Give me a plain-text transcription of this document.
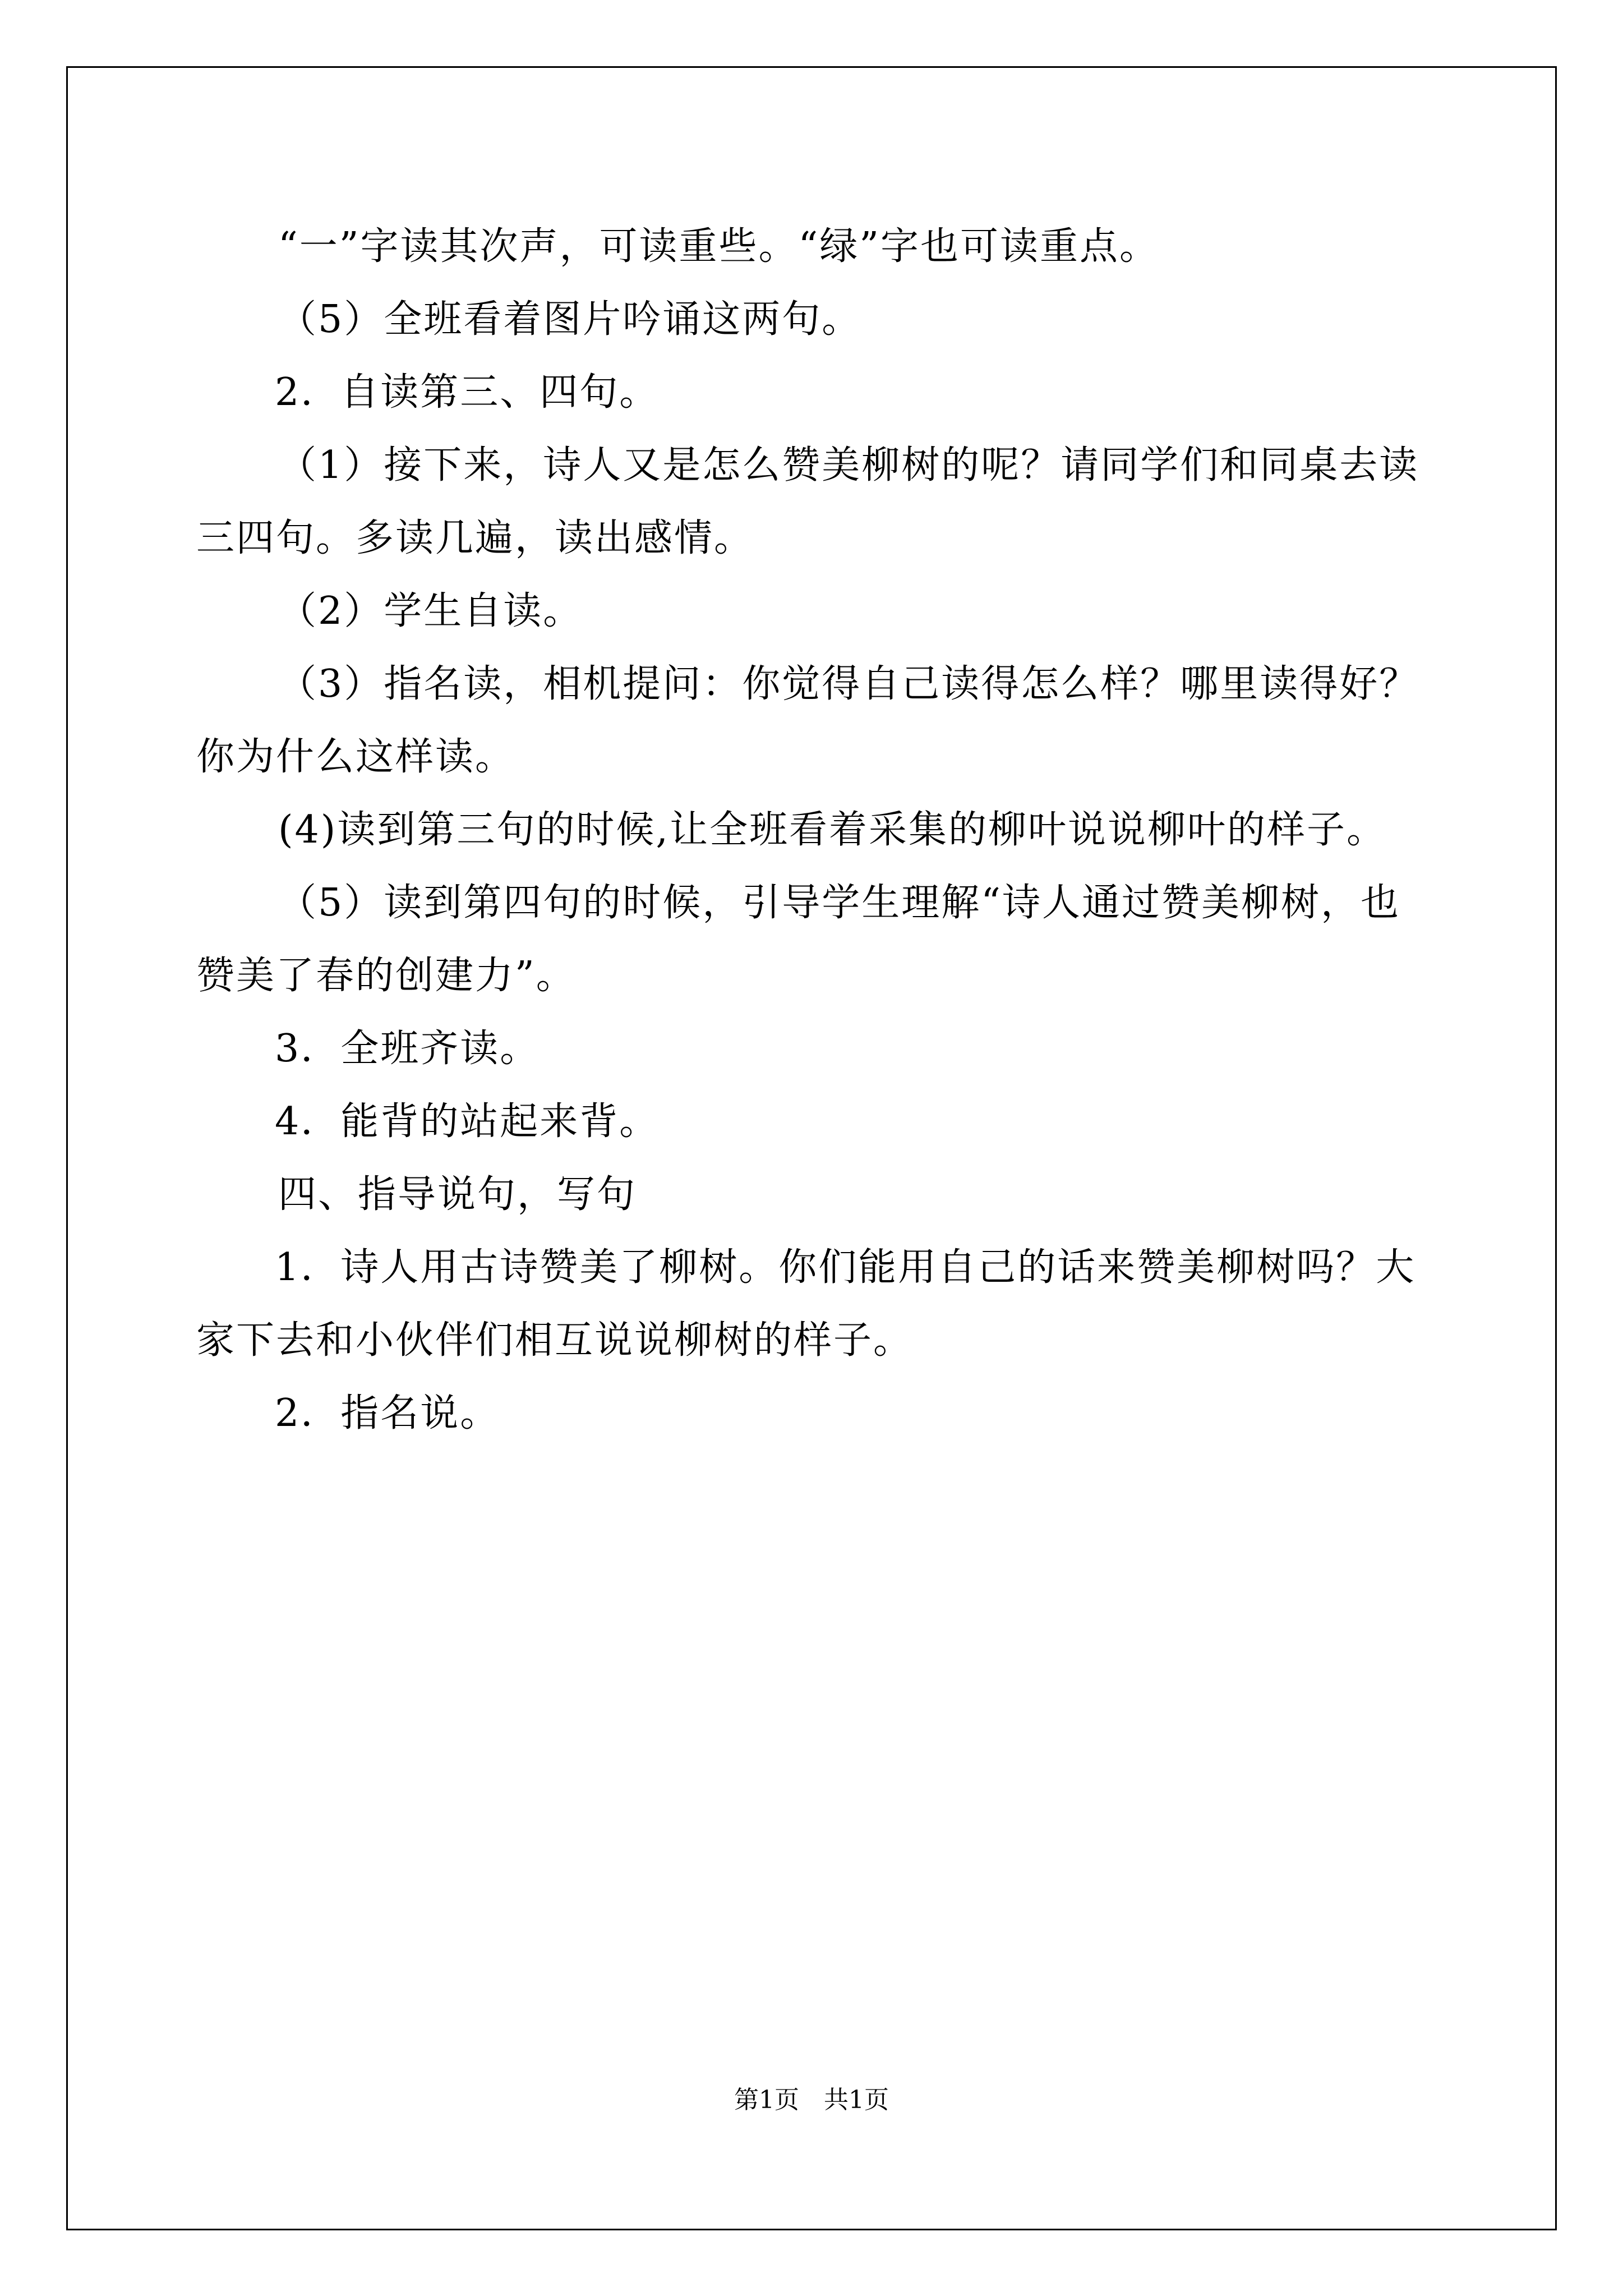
“一”字读其次声，可读重些。“绿”字也可读重点。
（5）全班看着图片吟诵这两句。
2．自读第三、四句。
（1）接下来，诗人又是怎么赞美柳树的呢？请同学们和同桌去读
三四句。多读几遍，读出感情。
（2）学生自读。
（3）指名读，相机提问：你觉得自己读得怎么样？哪里读得好？
你为什么这样读。
(4)读到第三句的时候,让全班看着采集的柳叶说说柳叶的样子。
（5）读到第四句的时候，引导学生理解“诗人通过赞美柳树，也
赞美了春的创建力”。
3．全班齐读。
4．能背的站起来背。
四、指导说句，写句
1．诗人用古诗赞美了柳树。你们能用自己的话来赞美柳树吗？大
家下去和小伙伴们相互说说柳树的样子。
2．指名说。
第1页　共1页
